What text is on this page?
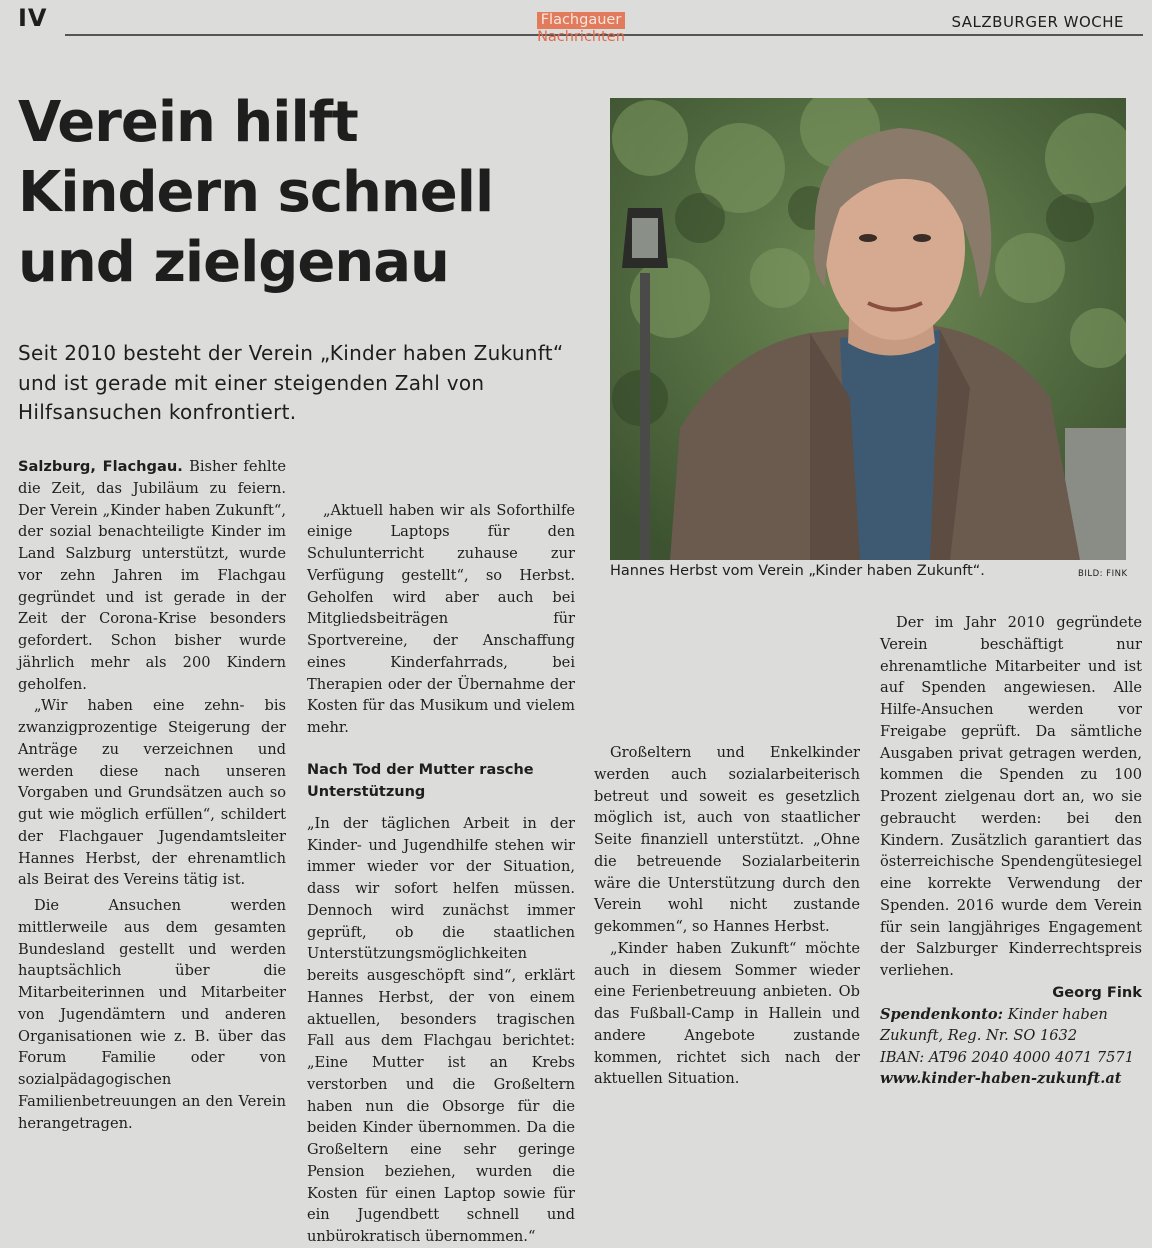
IV	Flachgauer
Nachrichten
SALZBURGER WOCHE
Verein hilft
Kindern schnell
und zielgenau
Seit 2010 besteht der Verein „Kinder haben Zukunft“ und ist gerade mit einer steigenden Zahl von Hilfsansuchen konfrontiert.
Hannes Herbst vom Verein „Kinder haben Zukunft“.	BILD: FINK

Salzburg, Flachgau. Bisher fehlte die Zeit, das Jubiläum zu feiern. Der Verein „Kinder haben Zukunft“, der sozial benachteiligte Kinder im Land Salzburg unterstützt, wurde vor zehn Jahren im Flachgau gegründet und ist gerade in der Zeit der Corona-Krise besonders gefordert. Schon bisher wurde jährlich mehr als 200 Kindern geholfen.

„Wir haben eine zehn- bis zwanzigprozentige Steigerung der Anträge zu verzeichnen und werden diese nach unseren Vorgaben und Grundsätzen auch so gut wie möglich erfüllen“, schildert der Flachgauer Jugendamtsleiter Hannes Herbst, der ehrenamtlich als Beirat des Vereins tätig ist.

Die Ansuchen werden mittlerweile aus dem gesamten Bundesland gestellt und werden hauptsächlich über die Mitarbeiterinnen und Mitarbeiter von Jugendämtern und anderen Organisationen wie z. B. über das Forum Familie oder von sozialpädagogischen Familienbetreuungen an den Verein herangetragen.

„Aktuell haben wir als Soforthilfe einige Laptops für den Schulunterricht zuhause zur Verfügung gestellt“, so Herbst. Geholfen wird aber auch bei Mitgliedsbeiträgen für Sportvereine, der Anschaffung eines Kinderfahrrads, bei Therapien oder der Übernahme der Kosten für das Musikum und vielem mehr.

Nach Tod der Mutter rasche Unterstützung

„In der täglichen Arbeit in der Kinder- und Jugendhilfe stehen wir immer wieder vor der Situation, dass wir sofort helfen müssen. Dennoch wird zunächst immer geprüft, ob die staatlichen Unterstützungsmöglichkeiten bereits ausgeschöpft sind“, erklärt Hannes Herbst, der von einem aktuellen, besonders tragischen Fall aus dem Flachgau berichtet: „Eine Mutter ist an Krebs verstorben und die Großeltern haben nun die Obsorge für die beiden Kinder übernommen. Da die Großeltern eine sehr geringe Pension beziehen, wurden die Kosten für einen Laptop sowie für ein Jugendbett schnell und unbürokratisch übernommen.“

Großeltern und Enkelkinder werden auch sozialarbeiterisch betreut und soweit es gesetzlich möglich ist, auch von staatlicher Seite finanziell unterstützt. „Ohne die betreuende Sozialarbeiterin wäre die Unterstützung durch den Verein wohl nicht zustande gekommen“, so Hannes Herbst.

„Kinder haben Zukunft“ möchte auch in diesem Sommer wieder eine Ferienbetreuung anbieten. Ob das Fußball-Camp in Hallein und andere Angebote zustande kommen, richtet sich nach der aktuellen Situation.

Der im Jahr 2010 gegründete Verein beschäftigt nur ehrenamtliche Mitarbeiter und ist auf Spenden angewiesen. Alle Hilfe-Ansuchen werden vor Freigabe geprüft. Da sämtliche Ausgaben privat getragen werden, kommen die Spenden zu 100 Prozent zielgenau dort an, wo sie gebraucht werden: bei den Kindern. Zusätzlich garantiert das österreichische Spendengütesiegel eine korrekte Verwendung der Spenden. 2016 wurde dem Verein für sein langjähriges Engagement der Salzburger Kinderrechtspreis verliehen.

Georg Fink

Spendenkonto: Kinder haben Zukunft, Reg. Nr. SO 1632
IBAN: AT96 2040 4000 4071 7571
www.kinder-haben-zukunft.at
